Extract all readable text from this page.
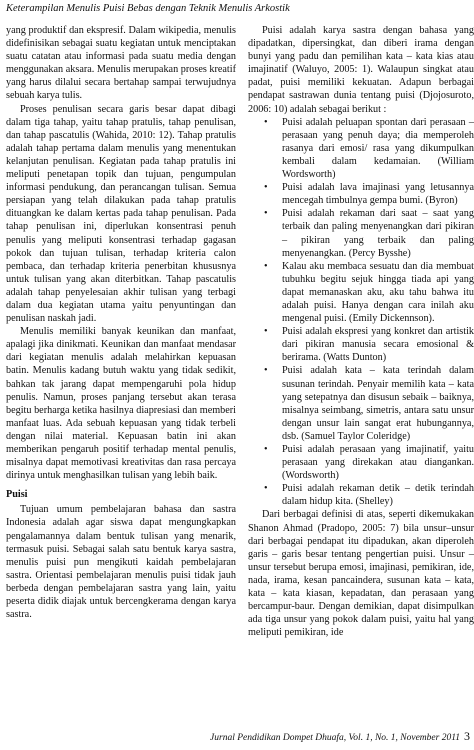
Keterampilan Menulis Puisi Bebas dengan Teknik Menulis Arkostik

yang produktif dan ekspresif. Dalam wikipedia, menulis didefinisikan sebagai suatu kegiatan untuk menciptakan suatu catatan atau informasi pada suatu media dengan menggunakan aksara. Menulis merupakan proses kreatif yang harus dilalui secara bertahap sampai terwujudnya sebuah karya tulis.

Proses penulisan secara garis besar dapat dibagi dalam tiga tahap, yaitu tahap pratulis, tahap penulisan, dan tahap pascatulis (Wahida, 2010: 12). Tahap pratulis adalah tahap pertama dalam menulis yang menentukan kelanjutan penulisan. Kegiatan pada tahap pratulis ini meliputi penetapan topik dan tujuan, pengumpulan informasi pendukung, dan perancangan tulisan. Semua persiapan yang telah dilakukan pada tahap pratulis dituangkan ke dalam kertas pada tahap penulisan. Pada tahap penulisan ini, diperlukan konsentrasi penuh penulis yang meliputi konsentrasi terhadap gagasan pokok dan tujuan tulisan, terhadap kriteria calon pembaca, dan terhadap kriteria penerbitan khususnya untuk tulisan yang akan diterbitkan. Tahap pascatulis adalah tahap penyelesaian akhir tulisan yang terbagi dalam dua kegiatan utama yaitu penyuntingan dan penulisan naskah jadi.

Menulis memiliki banyak keunikan dan manfaat, apalagi jika dinikmati. Keunikan dan manfaat mendasar dari kegiatan menulis adalah melahirkan kepuasan batin. Menulis kadang butuh waktu yang tidak sedikit, bahkan tak jarang dapat mempengaruhi pola hidup penulis. Namun, proses panjang tersebut akan terasa begitu berharga ketika hasilnya diapresiasi dan memberi manfaat luas. Ada sebuah kepuasan yang tidak terbeli dengan nilai material. Kepuasan batin ini akan memberikan pengaruh positif terhadap mental penulis, misalnya dapat memotivasi kreativitas dan rasa percaya dirinya untuk menghasilkan tulisan yang lebih baik.

Puisi

Tujuan umum pembelajaran bahasa dan sastra Indonesia adalah agar siswa dapat mengungkapkan pengalamannya dalam bentuk tulisan yang menarik, termasuk puisi. Sebagai salah satu bentuk karya sastra, menulis puisi pun mengikuti kaidah pembelajaran sastra. Orientasi pembelajaran menulis puisi tidak jauh berbeda dengan pembelajaran sastra yang lain, yaitu peserta didik diajak untuk bercengkerama dengan karya sastra.

Puisi adalah karya sastra dengan bahasa yang dipadatkan, dipersingkat, dan diberi irama dengan bunyi yang padu dan pemilihan kata – kata kias atau imajinatif (Waluyo, 2005: 1). Walaupun singkat atau padat, puisi memiliki kekuatan. Adapun berbagai pendapat sastrawan dunia tentang puisi (Djojosuroto, 2006: 10) adalah sebagai berikut :

• Puisi adalah peluapan spontan dari perasaan – perasaan yang penuh daya; dia memperoleh rasanya dari emosi/ rasa yang dikumpulkan kembali dalam kedamaian. (William Wordsworth)
• Puisi adalah lava imajinasi yang letusannya mencegah timbulnya gempa bumi. (Byron)
• Puisi adalah rekaman dari saat – saat yang terbaik dan paling menyenangkan dari pikiran – pikiran yang terbaik dan paling menyenangkan. (Percy Bysshe)
• Kalau aku membaca sesuatu dan dia membuat tubuhku begitu sejuk hingga tiada api yang dapat memanaskan aku, aku tahu bahwa itu adalah puisi. Hanya dengan cara inilah aku mengenal puisi. (Emily Dickennson).
• Puisi adalah ekspresi yang konkret dan artistik dari pikiran manusia secara emosional & berirama. (Watts Dunton)
• Puisi adalah kata – kata terindah dalam susunan terindah. Penyair memilih kata – kata yang setepatnya dan disusun sebaik – baiknya, misalnya seimbang, simetris, antara satu unsur dengan unsur lain sangat erat hubungannya, dsb. (Samuel Taylor Coleridge)
• Puisi adalah perasaan yang imajinatif, yaitu perasaan yang direkakan atau diangankan. (Wordsworth)
• Puisi adalah rekaman detik – detik terindah dalam hidup kita. (Shelley)

Dari berbagai definisi di atas, seperti dikemukakan Shanon Ahmad (Pradopo, 2005: 7) bila unsur–unsur dari berbagai pendapat itu dipadukan, akan diperoleh garis – garis besar tentang pengertian puisi. Unsur – unsur tersebut berupa emosi, imajinasi, pemikiran, ide, nada, irama, kesan pancaindera, susunan kata – kata, kata – kata kiasan, kepadatan, dan perasaan yang bercampur-baur. Dengan demikian, dapat disimpulkan ada tiga unsur yang pokok dalam puisi, yaitu hal yang meliputi pemikiran, ide

Jurnal Pendidikan Dompet Dhuafa, Vol. 1, No. 1, November 2011 3
